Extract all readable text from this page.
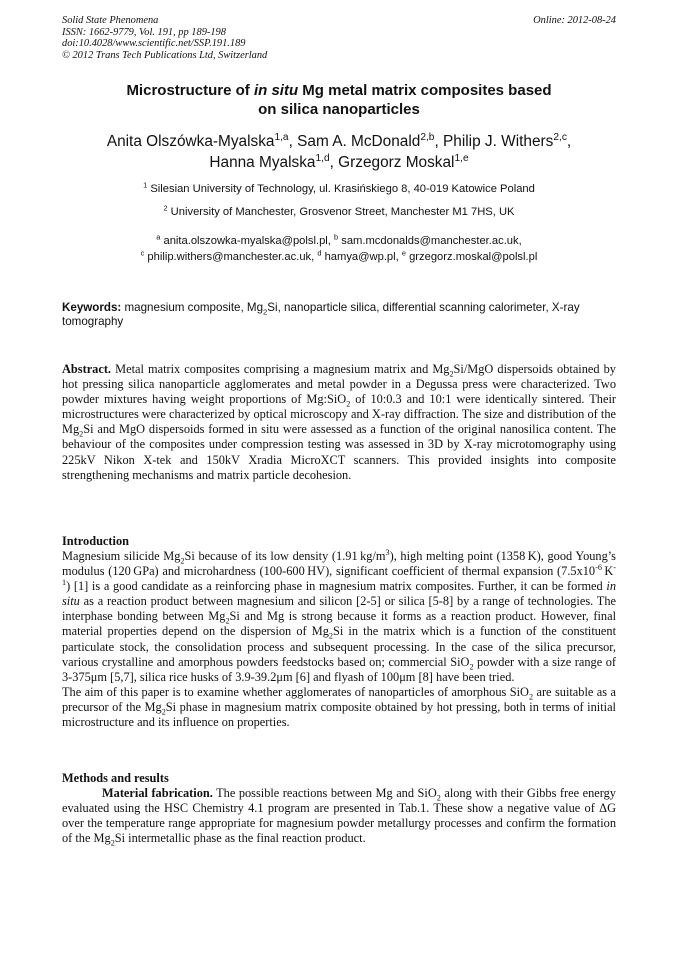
Solid State Phenomena
ISSN: 1662-9779, Vol. 191, pp 189-198
doi:10.4028/www.scientific.net/SSP.191.189
© 2012 Trans Tech Publications Ltd, Switzerland
Online: 2012-08-24
Microstructure of in situ Mg metal matrix composites based
on silica nanoparticles
Anita Olszówka-Myalska$^{1,a}$, Sam A. McDonald$^{2,b}$, Philip J. Withers$^{2,c}$,
Hanna Myalska$^{1,d}$, Grzegorz Moskal$^{1,e}$
$^1$ Silesian University of Technology, ul. Krasińskiego 8, 40-019 Katowice Poland
$^2$ University of Manchester, Grosvenor Street, Manchester M1 7HS, UK
$^a$ anita.olszowka-myalska@polsl.pl, $^b$ sam.mcdonalds@manchester.ac.uk,
$^c$ philip.withers@manchester.ac.uk, $^d$ hamya@wp.pl, $^e$ grzegorz.moskal@polsl.pl
Keywords: magnesium composite, $Mg_2Si$, nanoparticle silica, differential scanning calorimeter, X-ray tomography

Abstract. Metal matrix composites comprising a magnesium matrix and $Mg_2Si$/MgO dispersoids obtained by hot pressing silica nanoparticle agglomerates and metal powder in a Degussa press were characterized. Two powder mixtures having weight proportions of Mg:SiO$_2$ of 10:0.3 and 10:1 were identically sintered. Their microstructures were characterized by optical microscopy and X-ray diffraction. The size and distribution of the $Mg_2Si$ and MgO dispersoids formed in situ were assessed as a function of the original nanosilica content. The behaviour of the composites under compression testing was assessed in 3D by X-ray microtomography using 225kV Nikon X-tek and 150kV Xradia MicroXCT scanners. This provided insights into composite strengthening mechanisms and matrix particle decohesion.

Introduction

Magnesium silicide $Mg_2Si$ because of its low density (1.91 $kg/m^3$), high melting point (1358 K), good Young’s modulus (120 GPa) and microhardness (100-600 HV), significant coefficient of thermal expansion ($7.5x10^{-6}$ $K^{-1}$) [1] is a good candidate as a reinforcing phase in magnesium matrix composites. Further, it can be formed in situ as a reaction product between magnesium and silicon [2-5] or silica [5-8] by a range of technologies. The interphase bonding between $Mg_2Si$ and Mg is strong because it forms as a reaction product. However, final material properties depend on the dispersion of $Mg_2Si$ in the matrix which is a function of the constituent particulate stock, the consolidation process and subsequent processing. In the case of the silica precursor, various crystalline and amorphous powders feedstocks based on; commercial SiO$_2$ powder with a size range of 3-375μm [5,7], silica rice husks of 3.9-39.2μm [6] and flyash of 100μm [8] have been tried.

The aim of this paper is to examine whether agglomerates of nanoparticles of amorphous SiO$_2$ are suitable as a precursor of the $Mg_2Si$ phase in magnesium matrix composite obtained by hot pressing, both in terms of initial microstructure and its influence on properties.

Methods and results

Material fabrication. The possible reactions between Mg and SiO$_2$ along with their Gibbs free energy evaluated using the HSC Chemistry 4.1 program are presented in Tab.1. These show a negative value of ΔG over the temperature range appropriate for magnesium powder metallurgy processes and confirm the formation of the $Mg_2Si$ intermetallic phase as the final reaction product.
